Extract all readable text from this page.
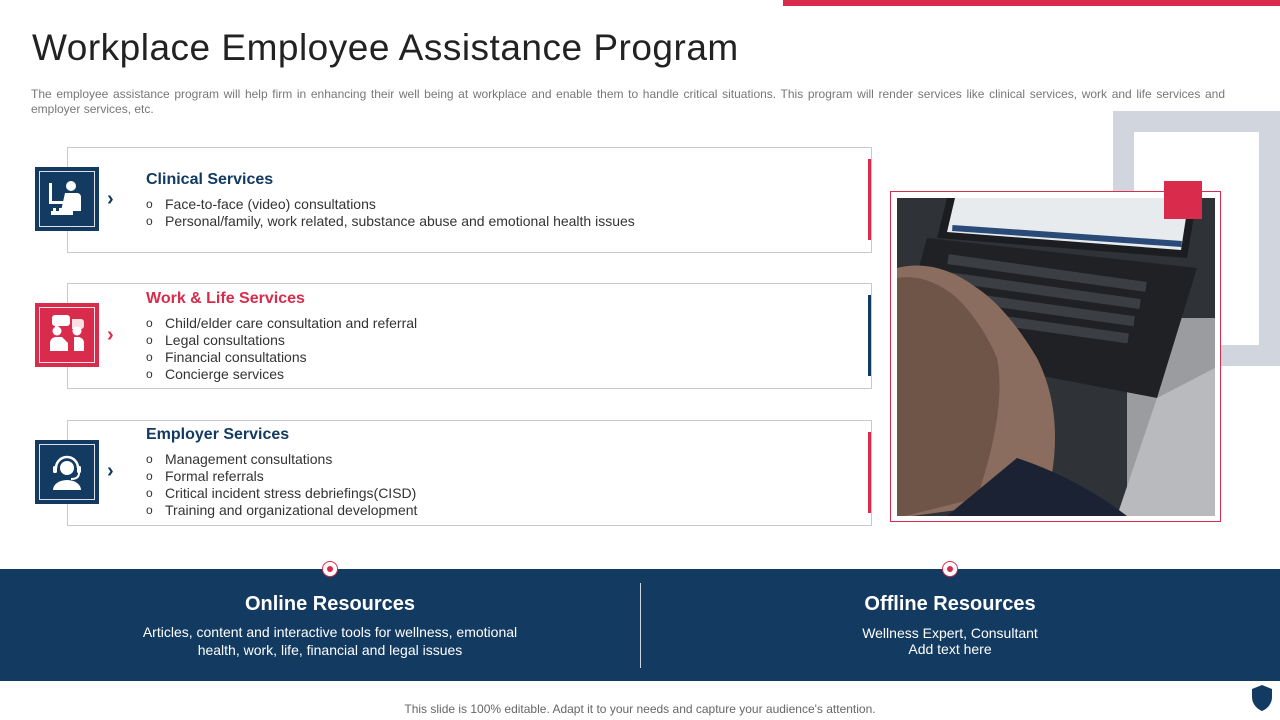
Workplace Employee Assistance Program
The employee assistance program will help firm in enhancing their well being at workplace and enable them to handle critical situations. This program will render services like clinical services, work and life services and employer services, etc.
›
Clinical Services
o Face-to-face (video) consultations
o Personal/family, work related, substance abuse and emotional health issues
›
Work & Life Services
o Child/elder care consultation and referral
o Legal consultations
o Financial consultations
o Concierge services
›
Employer Services
o Management consultations
o Formal referrals
o Critical incident stress debriefings(CISD)
o Training and organizational development
Online Resources
Articles, content and interactive tools for wellness, emotional
health, work, life, financial and legal issues
Offline Resources
Wellness Expert, Consultant
Add text here
This slide is 100% editable. Adapt it to your needs and capture your audience's attention.
